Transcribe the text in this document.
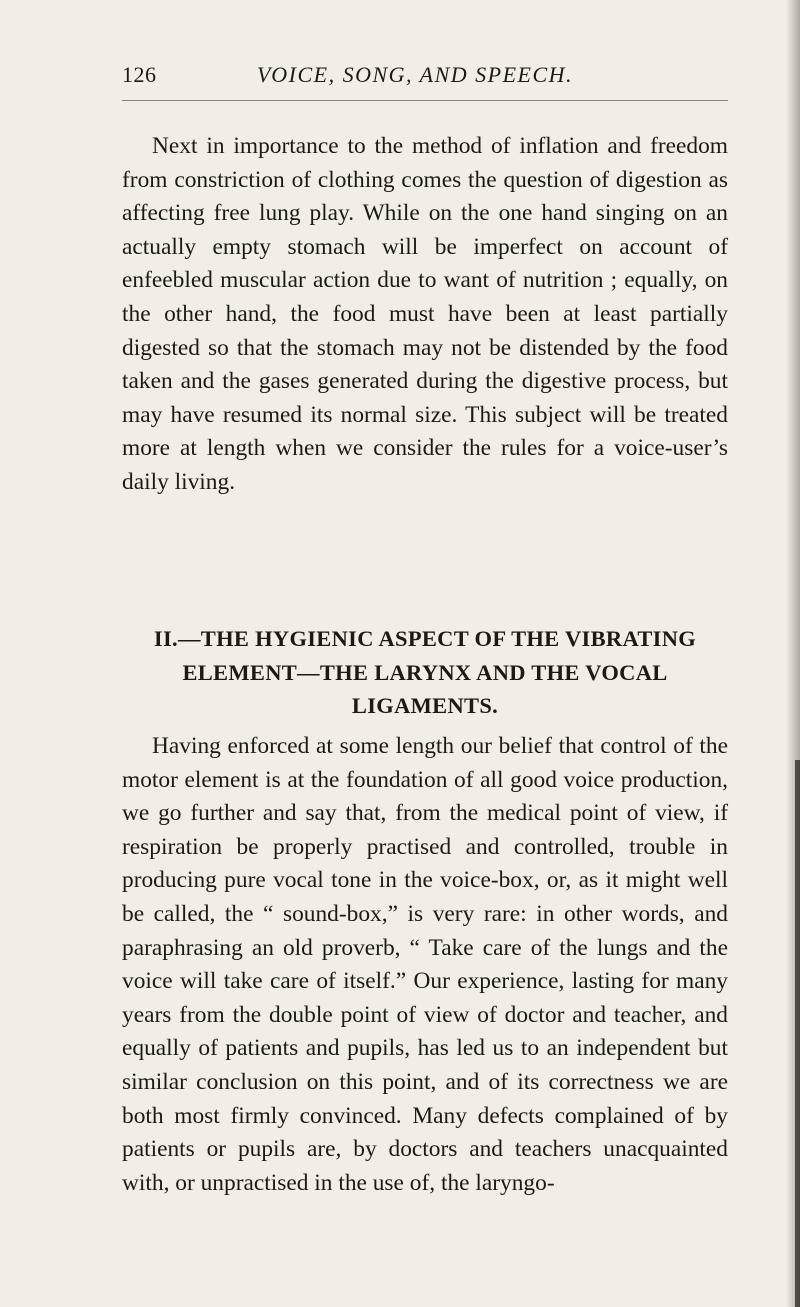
126	VOICE, SONG, AND SPEECH.

Next in importance to the method of inflation and freedom from constriction of clothing comes the question of digestion as affecting free lung play. While on the one hand singing on an actually empty stomach will be imperfect on account of enfeebled muscular action due to want of nutrition ; equally, on the other hand, the food must have been at least partially digested so that the stomach may not be distended by the food taken and the gases generated during the digestive process, but may have resumed its normal size. This subject will be treated more at length when we consider the rules for a voice-user’s daily living.

II.—THE HYGIENIC ASPECT OF THE VIBRATING ELEMENT—THE LARYNX AND THE VOCAL LIGAMENTS.

Having enforced at some length our belief that control of the motor element is at the foundation of all good voice production, we go further and say that, from the medical point of view, if respiration be properly practised and controlled, trouble in producing pure vocal tone in the voice-box, or, as it might well be called, the “ sound-box,” is very rare: in other words, and paraphrasing an old proverb, “ Take care of the lungs and the voice will take care of itself.” Our experience, lasting for many years from the double point of view of doctor and teacher, and equally of patients and pupils, has led us to an independent but similar conclusion on this point, and of its correctness we are both most firmly convinced. Many defects complained of by patients or pupils are, by doctors and teachers unacquainted with, or unpractised in the use of, the laryngo-
